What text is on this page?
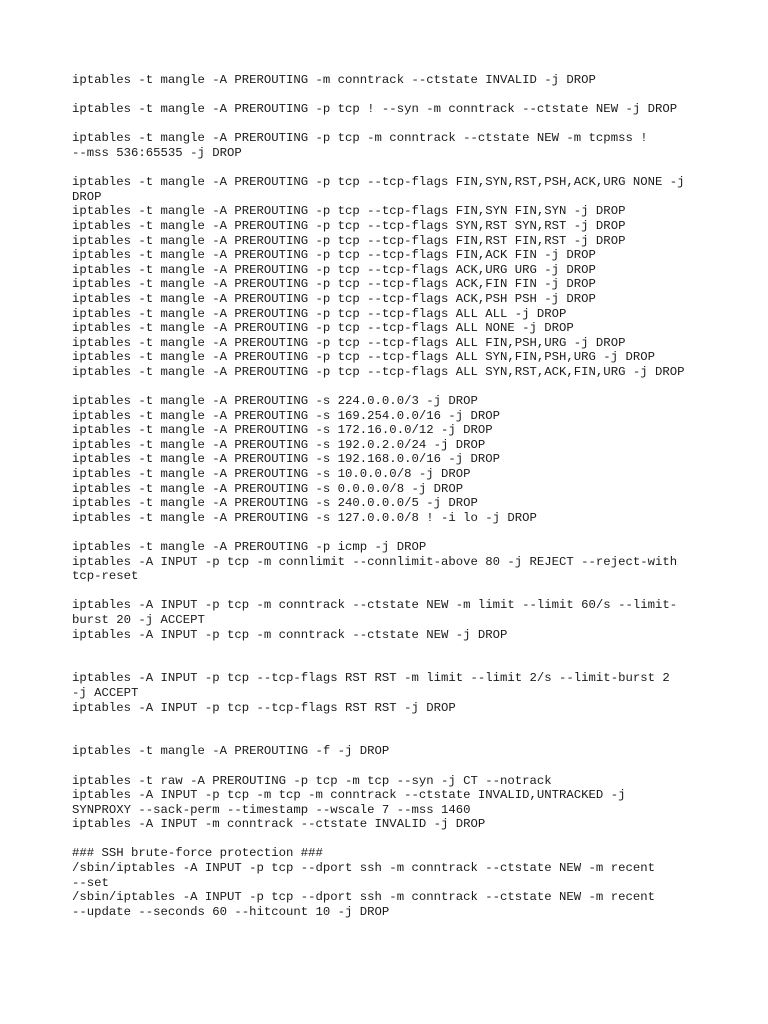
iptables -t mangle -A PREROUTING -m conntrack --ctstate INVALID -j DROP
iptables -t mangle -A PREROUTING -p tcp ! --syn -m conntrack --ctstate NEW -j DROP
iptables -t mangle -A PREROUTING -p tcp -m conntrack --ctstate NEW -m tcpmss !
--mss 536:65535 -j DROP
iptables -t mangle -A PREROUTING -p tcp --tcp-flags FIN,SYN,RST,PSH,ACK,URG NONE -j
DROP
iptables -t mangle -A PREROUTING -p tcp --tcp-flags FIN,SYN FIN,SYN -j DROP
iptables -t mangle -A PREROUTING -p tcp --tcp-flags SYN,RST SYN,RST -j DROP
iptables -t mangle -A PREROUTING -p tcp --tcp-flags FIN,RST FIN,RST -j DROP
iptables -t mangle -A PREROUTING -p tcp --tcp-flags FIN,ACK FIN -j DROP
iptables -t mangle -A PREROUTING -p tcp --tcp-flags ACK,URG URG -j DROP
iptables -t mangle -A PREROUTING -p tcp --tcp-flags ACK,FIN FIN -j DROP
iptables -t mangle -A PREROUTING -p tcp --tcp-flags ACK,PSH PSH -j DROP
iptables -t mangle -A PREROUTING -p tcp --tcp-flags ALL ALL -j DROP
iptables -t mangle -A PREROUTING -p tcp --tcp-flags ALL NONE -j DROP
iptables -t mangle -A PREROUTING -p tcp --tcp-flags ALL FIN,PSH,URG -j DROP
iptables -t mangle -A PREROUTING -p tcp --tcp-flags ALL SYN,FIN,PSH,URG -j DROP
iptables -t mangle -A PREROUTING -p tcp --tcp-flags ALL SYN,RST,ACK,FIN,URG -j DROP
iptables -t mangle -A PREROUTING -s 224.0.0.0/3 -j DROP
iptables -t mangle -A PREROUTING -s 169.254.0.0/16 -j DROP
iptables -t mangle -A PREROUTING -s 172.16.0.0/12 -j DROP
iptables -t mangle -A PREROUTING -s 192.0.2.0/24 -j DROP
iptables -t mangle -A PREROUTING -s 192.168.0.0/16 -j DROP
iptables -t mangle -A PREROUTING -s 10.0.0.0/8 -j DROP
iptables -t mangle -A PREROUTING -s 0.0.0.0/8 -j DROP
iptables -t mangle -A PREROUTING -s 240.0.0.0/5 -j DROP
iptables -t mangle -A PREROUTING -s 127.0.0.0/8 ! -i lo -j DROP
iptables -t mangle -A PREROUTING -p icmp -j DROP
iptables -A INPUT -p tcp -m connlimit --connlimit-above 80 -j REJECT --reject-with
tcp-reset
iptables -A INPUT -p tcp -m conntrack --ctstate NEW -m limit --limit 60/s --limit-
burst 20 -j ACCEPT
iptables -A INPUT -p tcp -m conntrack --ctstate NEW -j DROP
iptables -A INPUT -p tcp --tcp-flags RST RST -m limit --limit 2/s --limit-burst 2
-j ACCEPT
iptables -A INPUT -p tcp --tcp-flags RST RST -j DROP
iptables -t mangle -A PREROUTING -f -j DROP
iptables -t raw -A PREROUTING -p tcp -m tcp --syn -j CT --notrack
iptables -A INPUT -p tcp -m tcp -m conntrack --ctstate INVALID,UNTRACKED -j
SYNPROXY --sack-perm --timestamp --wscale 7 --mss 1460
iptables -A INPUT -m conntrack --ctstate INVALID -j DROP
### SSH brute-force protection ###
/sbin/iptables -A INPUT -p tcp --dport ssh -m conntrack --ctstate NEW -m recent
--set
/sbin/iptables -A INPUT -p tcp --dport ssh -m conntrack --ctstate NEW -m recent
--update --seconds 60 --hitcount 10 -j DROP
